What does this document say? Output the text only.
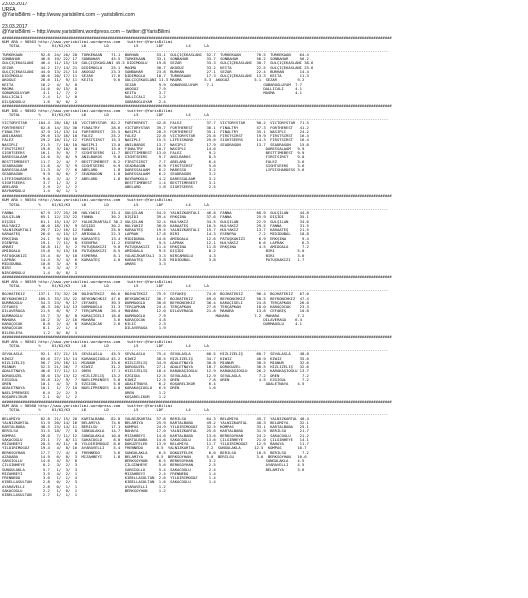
23.03.2017
URFA
@YarisBilimi -- http://www.yarisbilimi.com -- yarisbilimi.com
23.03.2017
@YarisBilimi -- http://www.yarisbilimi.wordpress.com -- twitter:@YarisBilimi
##########################################################################################################################################################################
KUM ARA = 98563 http://www.yarisbilimi.wordpress.com   twitter:@YarisBilimi
TOTAL        %     K1/K2/K3     L6        LD           L5        LDF          L4      LA
--------------------------------------------------------------------------------------------------------------------------------------------------------------------------
TÜRKEKAAN        92.8  24/ 20/ 20  TÜRKEKAAN    71.1  BÜRHAN        53.1  GÜLÇİÇEKASLANI  52.7  TÜRKEKAAN       70.5  TÜRKEKAAN    64.4
SONBAHAR         46.6  19/ 22/ 17  SONBAHAR     45.5  TÜRKEKAAN     33.1  SONBAHAR        33.7  SONBAHAR        56.2  SONBAHAR     56.2
GÜLÇİÇEKASLANI   46.4  11/ 15/ 14  GÜLÇİÇEKASLANI 45.5 DİDİMOĞLU    19.8  SEZAR           33.3  GÜLÇİÇEKASLANI  30.7  GÜLÇİÇEKASLANI 38.6
SEZAR            44.2  17/ 14/ 21  DİDİMOĞLU    25.1  MAGMA         30.7  AKOGUZ          33.2  KEİTA           22.5  GÜLÇİÇEKASLANI 25.6
GÜLÇİÇEKASLANI   44.0  13/ 21/ 14  AKOGUZ       23.3  SONBAHAR      23.8  BÜRHAN          27.1  SEZAR           22.4  BÜRHAN       14.4
DİDİMOĞLU        40.6  20/ 17/ 11  SEZAR        17.6  DİDİMOĞLU     18.7  TÜRKEKAAN       17.3  GÜLÇİÇEKASLANI  13.3  KEİTA        11.3
AKOGUZ           26.6  11/  9/ 11  KEİTA         9.6  GÜLÇİÇEKASLANI 11.3 MAGMA          5.3  AKOGUZ           5.1  SEZAR         9.2
KEİTA            16.2   4/  5/  8                     SEZAR          9.9  GOBAROĞLUYAM    7.1                      GOBAROĞLUYAM  7.7
MAGMA            14.6   0/ 15/  8                     AKOGUZ         7.9                                           DALLICALI     4.1
GOBAROĞLUYAM      4.1   1/  7/  2                     KEİTA          3.7                                           MAGMA         4.1
DALLICALI         2.4   1/  1/  0                     DALLICALI      1.2
DILŞADOĞLU        1.6   0/  0/  2                     GOBAROĞLUYAM   2.4
##########################################################################################################################################################################
KUM İNG = 98562 http://www.yarisbilimi.wordpress.com   twitter:@YarisBilimi
TOTAL        %     K1/K2/K3     L6        LD           L5        LDF          L4      LA
--------------------------------------------------------------------------------------------------------------------------------------------------------------------------
VICTORYSTAR     104.4  28/ 18/ 18  VICTORYSTAR  82.2  FORTHEREST    42.8  FALEZ           37.7  VICTORYSTAR     90.2  VICTORYSTAR  71.5
FORTHEREST       62.8  14/ 33/ 30  FINALTRY     28.6  VICTORYSTAR   39.7  FORTHEREST      36.1  FINALTRY        57.3  FORTHEREST   41.2
FINALTRY         47.9  21/ 13/ 14  FORTHEREST   25.5  NASIPLI       28.3  FORTHEREST      35.1  FINALTRY        35.1  NASIPLI      24.2
ANILBAROS        29.6  13/ 16/ 10  FALEZ        25.2  FALEZ         22.6  VICTORYSTAR     25.6  FIRSTSIRST      19.9  FIRSTSIRST   16.4
FALEZ            29.2  16/ 11/ 12  FIRSTSIRST   15.3  NASIPLI       15.5  LIFEISHARD      25.6  SIGHTSEERS      14.3  FIRSTSIRST   16.4
NASIPLI          21.5   7/ 18/ 10  NASIPLI      13.0  ANILBAROS     13.7  NASIPLI         17.9  SEADRAGON       13.7  SEADRAGON    15.0
FIRSTSIRST       19.8   3/ 10/  8  NASIPLI      13.0  FINALTRY      10.7  NASIPLI         14.6                      DARESSALAAM   9.9
SIGHTSEERS       16.1   5/  9/  7  SIGHTSEERS   11.7  BESTTIMEBEST  13.0  FALEZ            9.2                      BESTTIMEBEST  9.9
DARESSALAAM      14.6   5/  8/  9  ANILBAROS     9.8  SIGHTSEERS     9.7  ANILBAROS        8.3                      FIRSTSIRST    9.0
BESTTIMEBEST     11.7   2/  4/  7  BESTTIMEBEST  8.2  FIRSTSIRST     7.7  ABELARD          6.4                      FALEZ         3.6
SEADRAGON        11.6   4/  3/  9  SIGHTSEERS    6.9  SEADRAGON      6.9  FIRSTSIRST       5.6                      SIGHTSEERS    3.6
DARESSALAAM      11.3   4/  7/  6  ABELARD       1.8  DARESSALAAM    6.2  MARESSO          3.2                      LIFEISHARDESS 3.6
SEADRAGON         9.9   0/  6/  7  SEADRAGON     1.8  DARESSALAAM    6.2  SEADRAGON        3.2
LIFEISHARDESS     9.6   3/  4/  7  ABELARD       1.8  BAYRAMOĞLU     4.2  DARESSALAAM      3.2
SIGHTSEERS        3.7   1/  3/  2                     BESTTIMEBEST   1.4  BESTTIMEBEST     3.1
ABELARD           2.9   2/  1/  2                     ABELARD        1.8  SIGHTSEERS       2.5
BAYRAMOĞLU        1.4   0/  1/  1
##########################################################################################################################################################################
KUM ARA = 98554 http://www.yarisbilimi.wordpress.com   twitter:@YarisBilimi
TOTAL        %     K1/K2/K3     L6        LD           L5        LDF          L4      LA
--------------------------------------------------------------------------------------------------------------------------------------------------------------------------
FANNA            67.9  27/ 25/ 20  HÜLYAKIZ     33.4  GÜLŞİLAN      54.5  YALNIZKARTALI   46.8  FANNA           60.9  GÜLŞİLAN     44.8
GÜLŞİLAN         65.1  12/ 23/ 22  FANNA        30.2  DİŞİDİ        39.4  ERKŞİNA         37.6  FANNA           25.9  DİŞİDİ       35.1
DİŞİDİ           61.1  15/ 14/ 27  YALNIZKARTALI 30.2 GÜLŞİLAN      32.4  HÜLYAKIZ        34.5  GÜLŞİLAN        22.9  GÜLŞİLAN     34.0
HÜLYAKIZ         46.0  18/ 19/  9  DİŞİDİ       30.2  HÜLYAKIZ      30.0  KARAATEŞ        16.5  HÜLYAKIZ        29.5  FANNA        31.5
YALNIZKARTALI    29.7  12/ 16/ 12  FANNA        25.0  KARAATEŞ      19.5  YALNIZKARTALI   15.7  HÜLYAKIZ        13.7  KARAATEŞ     21.5
KARAATEŞ         26.0   4/ 15/ 17  AMIDOALA     22.3  LAPRAK        17.8  BIRI            14.3  ESENFRA          7.2  MİDİDUBAL    18.8
ERKŞİNA          24.1   9/ 10/ 10  KARAATEŞ     13.4  MİDİDUBAL     14.6  AMIDOALA        12.6  PATUŞKAKIZI      6.9  ERKŞİNA       9.4
ESENFRA          19.1   7/ 11/  8  ESENFRA      11.2  ESENFRA        9.5  LAPRAK          12.1  HÜLYAKIZ         6.6  LAPRAK        6.3
AMARI            16.8  11/  5/  2  PATUŞKAKIZI   9.0  PATUŞKAKIZI   11.4  ERKŞİNA         11.8  ERKŞİNA          4.5  AMIDOALA      7.2
AMIDOALA         15.8   5/ 15/ 10  PATUŞKAKIZI   8.5  AMIDOALA       9.5  DİŞİDİ           8.2                      BIRI          5.0
PATUŞKAKIZI      15.4   6/  5/ 10  ESMERRA       8.1  YALNIZKARTALI  3.3  NİRCAMOĞLU       4.3                      BIRI          3.6
LAPRAK           14.4   5/  4/  6  KARAATEŞ      4.0  KARAATEŞ       3.8  MİDİDUBAL        3.8                      PATUŞKAKIZI   1.7
MİDİDUBAL        10.8   3/  4/  8                     AMARI          3.3
BIRI              9.4   3/  4/  7
NİRCAMOĞLU        1.4   0/  0/  1
##########################################################################################################################################################################
KUM ARA = 98559 http://www.yarisbilimi.wordpress.com   twitter:@YarisBilimi
TOTAL        %     K1/K2/K3     L6        LD           L5        LDF          L4      LA
--------------------------------------------------------------------------------------------------------------------------------------------------------------------------
BOJHATEKIZ      137.1  73/ 32/ 20  BOJHATEKIZ   66.6  BOJHATEKIZ    75.5  CEFAKEŞ         74.6  BOJHATEKIZ      96.4  BOJHATEKIZ   67.0
BEYKONCHKIZ     109.5  33/ 25/ 22  BEYKONCHKIZ  47.6  BEYKONCHKIZ   38.7  BOJHATEKIZ      69.0  BEYKONCHKIZ     58.5  BEYKONCHKIZ  47.4
DURMAOĞLU        54.3  23/  9/ 17  CEFAKEŞ      39.3  DURMAOĞLU     30.6  BEYKONCHKIZ     36.4  KARAÇIĞELI      24.8  TERÇAPKAN    26.0
CEFAKEŞ          48.3  20/ 14/ 13  DURMAOĞLU    31.3  TERÇAPKAN     24.4  TERÇAPKAN       27.6  TERÇAPKAN       18.0  KARAÇOCAK    23.3
DİLAVERAĞA       21.5   8/  9/  7  TERÇAPKAN    26.4  MAHARA        12.0  DİLAVERAĞA      21.8  MAHARA          13.8  CEFAKEŞ      10.8
DURMAOĞLU        15.7   3/  8/  8  KARAÇIĞELI   18.8  DURMAOĞLU      7.9                      MAHARA           7.2  MAHARA        7.2
MAHARA           10.2   3/  2/ 10  MAHARA        3.6  KARAÇOCAK      4.8                                           DİLAVERAĞA    6.4
KARAÇOCAK         8.8   2/  4/  6  KARAÇOCAK     2.6  KILIC          2.3                                           DURMAOĞLU     4.1
KARAÇOCAK         8.1   2/  1/  4                     DİLAVERAĞA     1.9
BİLEKLEYA         1.2   0/  0/  1
##########################################################################################################################################################################
KUM ARA = 98561 http://www.yarisbilimi.wordpress.com   twitter:@YarisBilimi
TOTAL        %     K1/K2/K3     L6        LD           L5        LDF          L4      LA
--------------------------------------------------------------------------------------------------------------------------------------------------------------------------
SEVALASLA        92.1  47/ 21/ 15  SEVALASLA    45.5  SEVALASLA     75.4  SEVALASLA       66.5  HIZLIZELIŞ      60.7  SEVALASLA    48.8
KIWIZ            65.6  27/ 15/ 14  KARAKAŞIOĞLU 45.2  KIWIZ         38.5  HIZLIZELIŞ      34.7  KIWIZ           40.9  KIWIZ        35.0
HIZLIZELIŞ       56.7  25/ 18/ 11  MİANUR       33.6  HIZLIZELIŞ    34.9  ADALETNAYA      30.8  MİANUR          38.5  MİANUR       32.6
MİANUR           52.5  21/ 26/  7  KIWIZ        31.2  DOROGÜZEL     27.1  ADALETNAYA      18.7  DOROGÜZEL       38.5  HIZLIZELIŞ   32.6
ADALETNAYA       46.6  17/ 11/ 11  ÖREN         17.1  HIZLIZELIŞ    18.4  KARAKAŞIOĞLU    12.9  KARAKAŞIOĞLU    26.2  KARAKAŞIOĞLU 13.7
DOROGÜZEL        38.0  13/ 13/ 12  HIZLIZELIŞ   13.2  EZGIGÜL       12.5  SEVALAGLA       12.9  SEVALAGLA        7.2  ÖREN          7.2
EZGIGÜL          35.8  12/  9/  7  NAELIPRENSES  5.8  KIWIZ         12.5  ÖREN             7.8  ÖREN             4.5  EZGIGÜL       7.2
ÖREN             10.1   4/  3/  3  EZGIGÜL       5.8  ADALETNAYA     6.2  KOŞARELİKUR      6.4                      ADALETNAYA    4.5
ADALETNAYA       10.1   1/  7/ 10  NAELIPRENSES  4.0  KARAKAŞIOĞLU   6.5  ÖREN             1.6
NAELIPRENSES      6.4   2/  2/  3                     ÖREN           1.2
KOŞARELİKUR       2.1   0/  1/  2                     KOŞARELİKUR    1.2
##########################################################################################################################################################################
KUM ARA = 98560 http://www.yarisbilimi.wordpress.com   twitter:@YarisBilimi
TOTAL        %     K1/K2/K3     L6        LD           L5        LDF          L4      LA
--------------------------------------------------------------------------------------------------------------------------------------------------------------------------
BELAMIYA         62.8  21/ 15/ 20  KARTALBABA   82.8  YALNIZKARTAL  57.8  BERILSU         64.3  BELAMIYA        45.7  YALNIZKARTAL 48.4
YALNIZKARTAL     51.9  20/ 14/ 16  BELAMIYA     74.6  BELAMIYA      25.9  KARTALBABA      49.2  YALNIZKARTAL    40.3  BELAMIYA     32.1
KARTALBABA       48.5  23/ 14/ 11  BERILSU      17.1  KOMPAS        24.9  YILDIRIMOĞUZ    32.5  KOMPAS          33.1  KARTALBABA   25.1
BERILSU          31.5  18/  7/  8  SÜNGÜLAKLA   14.7  BAHAYA        17.0  YALNIZKARTAL    25.6  KARTALBABA      31.9  BERILSU      21.7
KOMPAS           28.0   7/ 11/ 12  SÜNGÜLAKLA   10.0  MIZAHBEYI     14.6  KARTALBABA      13.6  BERKSOYHAN      24.2  SAKACOĞLU    21.2
SAKACOĞLU        23.1   7/  8/ 11  SAKACOĞLU     8.8  KARTALBABA    14.6  SAKACOĞLU       13.6  ÇILGINHEYE      21.0  ÇILGINHEYE   14.1
MIZAHBEYI        20.5   6/ 11/  8  YILDIRIMOĞUZ  8.6  DOKUZFELEK    13.9  BELAMIYA        11.7  YILDIRIMOĞUZ    12.9  BAHAYA       11.7
YILDIRIMOĞUZ     19.4   4/  8/ 10  AYARAVELLI    5.4  FRENNEDO      8.5  YALNIZKARTAL     7.2  SÜNGÜLAKLA      12.5  KOMPAS       10.7
BERKSOYHAN       17.7   7/  4/  4  FRENNEDO      3.6  SÜNGÜLAKLA     6.5  DOKUZFELEK       6.0  BERILSU         10.5  BERILSU       7.2
AZADABA          14.9   6/  8/  3  MIZAHBEYI     1.8  BELAMIYA      6.5  BERKSOYHAN       5.0  BERILSU          3.6  BERKSOYHAN   10.0
SARGIOLLU        14.6   4/  5/  8                     BERKSOYHAN     6.5  BERKSOYHAN       3.2                      SÜNGÜLAKLA    4.5
ÇILGINHEYE        8.2   3/  2/  3                     ÇILGINHEYE     5.6  BERKSOYHAN       2.5                      AYARAVELLI    4.5
SÜNGÜLAKLA        5.7   1/  3/  3                     SARGIOLLU      5.4  SAKACOĞLU        2.4                      BELAMIYA      3.6
MIZAHBEYI         3.5   4/  2/  1                     MIZAHBEYI      2.4  FRENNEDO         1.4
FRENNEDO          3.0   1/  1/  4                     KIBELLASULTAN  2.6  YILDIRIMOĞUZ     1.4
KIBELLASULTAN     2.8   0/  2/  3                     KIBELLASULTAN  1.6  SAKACOĞLU        1.4
AYARAVELLI        2.8   0/  1/  1                     AYARAVELLI     1.2
SAKACOĞLU         2.2   1/  0/  1                     BERKSOYHAN     1.2
KIBELLASULTAN     2.7   1/  1/  1
